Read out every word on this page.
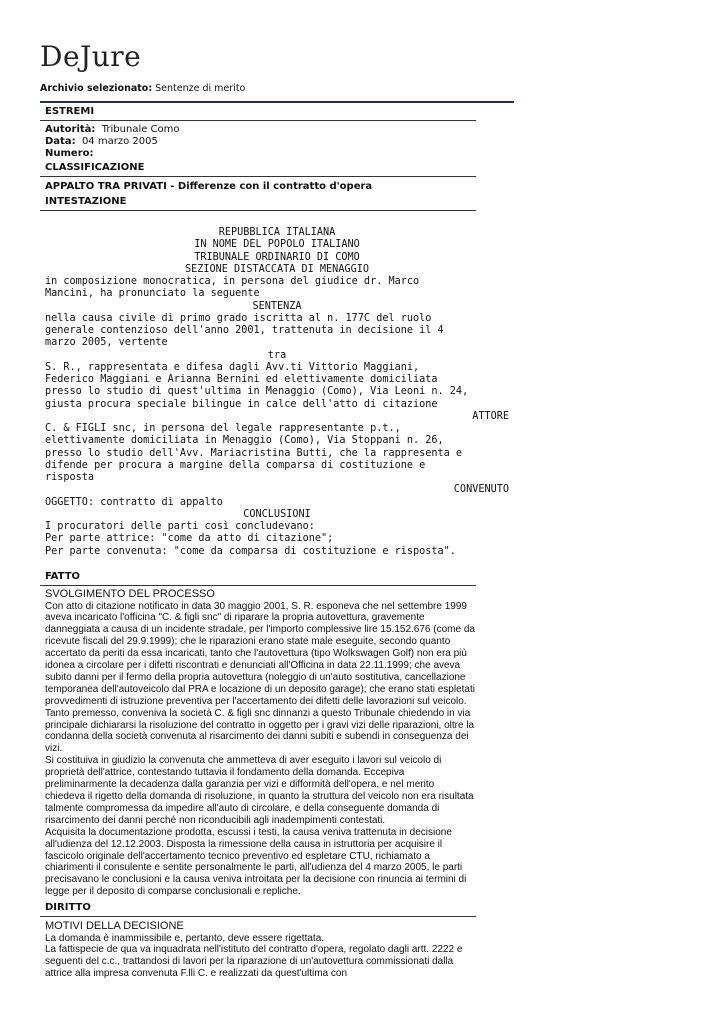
DeJure
Archivio selezionato: Sentenze di merito
ESTREMI
Autorità: Tribunale Como
Data: 04 marzo 2005
Numero:
CLASSIFICAZIONE
APPALTO TRA PRIVATI - Differenze con il contratto d'opera
INTESTAZIONE
REPUBBLICA ITALIANA
IN NOME DEL POPOLO ITALIANO
TRIBUNALE ORDINARIO DI COMO
SEZIONE DISTACCATA DI MENAGGIO
in composizione monocratica, in persona del giudice dr. Marco
Mancini, ha pronunciato la seguente
SENTENZA
nella causa civile di primo grado iscritta al n. 177C del ruolo
generale contenzioso dell'anno 2001, trattenuta in decisione il 4
marzo 2005, vertente
tra
S. R., rappresentata e difesa dagli Avv.ti Vittorio Maggiani,
Federico Maggiani e Arianna Bernini ed elettivamente domiciliata
presso lo studio di quest'ultima in Menaggio (Como), Via Leoni n. 24,
giusta procura speciale bilingue in calce dell'atto di citazione
ATTORE
C. & FIGLI snc, in persona del legale rappresentante p.t.,
elettivamente domiciliata in Menaggio (Como), Via Stoppani n. 26,
presso lo studio dell'Avv. Mariacristina Butti, che la rappresenta e
difende per procura a margine della comparsa di costituzione e
risposta
CONVENUTO
OGGETTO: contratto di appalto
CONCLUSIONI
I procuratori delle parti così concludevano:
Per parte attrice: "come da atto di citazione";
Per parte convenuta: "come da comparsa di costituzione e risposta".
FATTO

SVOLGIMENTO DEL PROCESSO

Con atto di citazione notificato in data 30 maggio 2001, S. R. esponeva che nel settembre 1999 aveva incaricato l'officina "C. & figli snc" di riparare la propria autovettura, gravemente danneggiata a causa di un incidente stradale, per l'importo complessive lire 15.152.676 (come da ricevute fiscali del 29.9.1999); che le riparazioni erano state male eseguite, secondo quanto accertato da periti da essa incaricati, tanto che l'autovettura (tipo Wolkswagen Golf) non era più idonea a circolare per i difetti riscontrati e denunciati all'Officina in data 22.11.1999; che aveva subito danni per il fermo della propria autovettura (noleggio di un'auto sostitutiva, cancellazione temporanea dell'autoveicolo dal PRA e locazione di un deposito garage); che erano stati espletati provvedimenti di istruzione preventiva per l'accertamento dei difetti delle lavorazioni sul veicolo.

Tanto premesso, conveniva la società C. & figli snc dinnanzi a questo Tribunale chiedendo in via principale dichiararsi la risoluzione del contratto in oggetto per i gravi vizi delle riparazioni, oltre la condanna della società convenuta al risarcimento dei danni subiti e subendi in conseguenza dei vizi.

Si costituiva in giudizio la convenuta che ammetteva di aver eseguito i lavori sul veicolo di proprietà dell'attrice, contestando tuttavia il fondamento della domanda. Eccepiva preliminarmente la decadenza dalla garanzia per vizi e difformità dell'opera, e nel merito chiedeva il rigetto della domanda di risoluzione, in quanto la struttura del veicolo non era risultata talmente compromessa da impedire all'auto di circolare, e della conseguente domanda di risarcimento dei danni perché non riconducibili agli inadempimenti contestati.

Acquisita la documentazione prodotta, escussi i testi, la causa veniva trattenuta in decisione all'udienza del 12.12.2003. Disposta la rimessione della causa in istruttoria per acquisire il fascicolo originale dell'accertamento tecnico preventivo ed espletare CTU, richiamato a chiarimenti il consulente e sentite personalmente le parti, all'udienza del 4 marzo 2005, le parti precisavano le conclusioni e la causa veniva introitata per la decisione con rinuncia ai termini di legge per il deposito di comparse conclusionali e repliche.

DIRITTO

MOTIVI DELLA DECISIONE

La domanda è inammissibile e, pertanto, deve essere rigettata.

La fattispecie de qua va inquadrata nell'istituto del contratto d'opera, regolato dagli artt. 2222 e seguenti del c.c., trattandosi di lavori per la riparazione di un'autovettura commissionati dalla attrice alla impresa convenuta F.lli C. e realizzati da quest'ultima con
